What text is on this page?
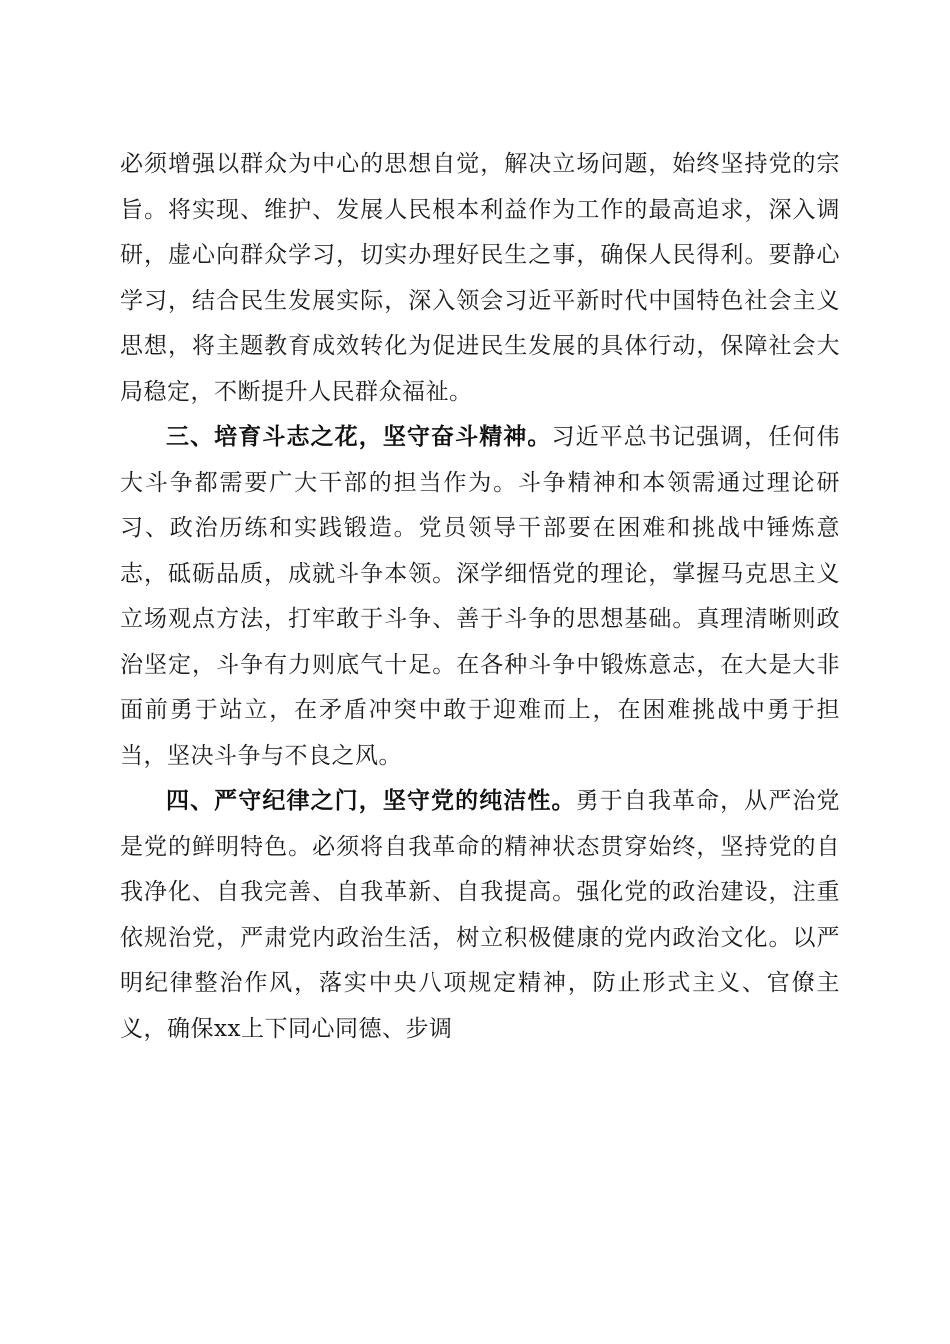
必须增强以群众为中心的思想自觉，解决立场问题，始终坚持党的宗旨。将实现、维护、发展人民根本利益作为工作的最高追求，深入调研，虚心向群众学习，切实办理好民生之事，确保人民得利。要静心学习，结合民生发展实际，深入领会习近平新时代中国特色社会主义思想，将主题教育成效转化为促进民生发展的具体行动，保障社会大局稳定，不断提升人民群众福祉。

三、培育斗志之花，坚守奋斗精神。习近平总书记强调，任何伟大斗争都需要广大干部的担当作为。斗争精神和本领需通过理论研习、政治历练和实践锻造。党员领导干部要在困难和挑战中锤炼意志，砥砺品质，成就斗争本领。深学细悟党的理论，掌握马克思主义立场观点方法，打牢敢于斗争、善于斗争的思想基础。真理清晰则政治坚定，斗争有力则底气十足。在各种斗争中锻炼意志，在大是大非面前勇于站立，在矛盾冲突中敢于迎难而上，在困难挑战中勇于担当，坚决斗争与不良之风。

四、严守纪律之门，坚守党的纯洁性。勇于自我革命，从严治党是党的鲜明特色。必须将自我革命的精神状态贯穿始终，坚持党的自我净化、自我完善、自我革新、自我提高。强化党的政治建设，注重依规治党，严肃党内政治生活，树立积极健康的党内政治文化。以严明纪律整治作风，落实中央八项规定精神，防止形式主义、官僚主义，确保xx上下同心同德、步调
